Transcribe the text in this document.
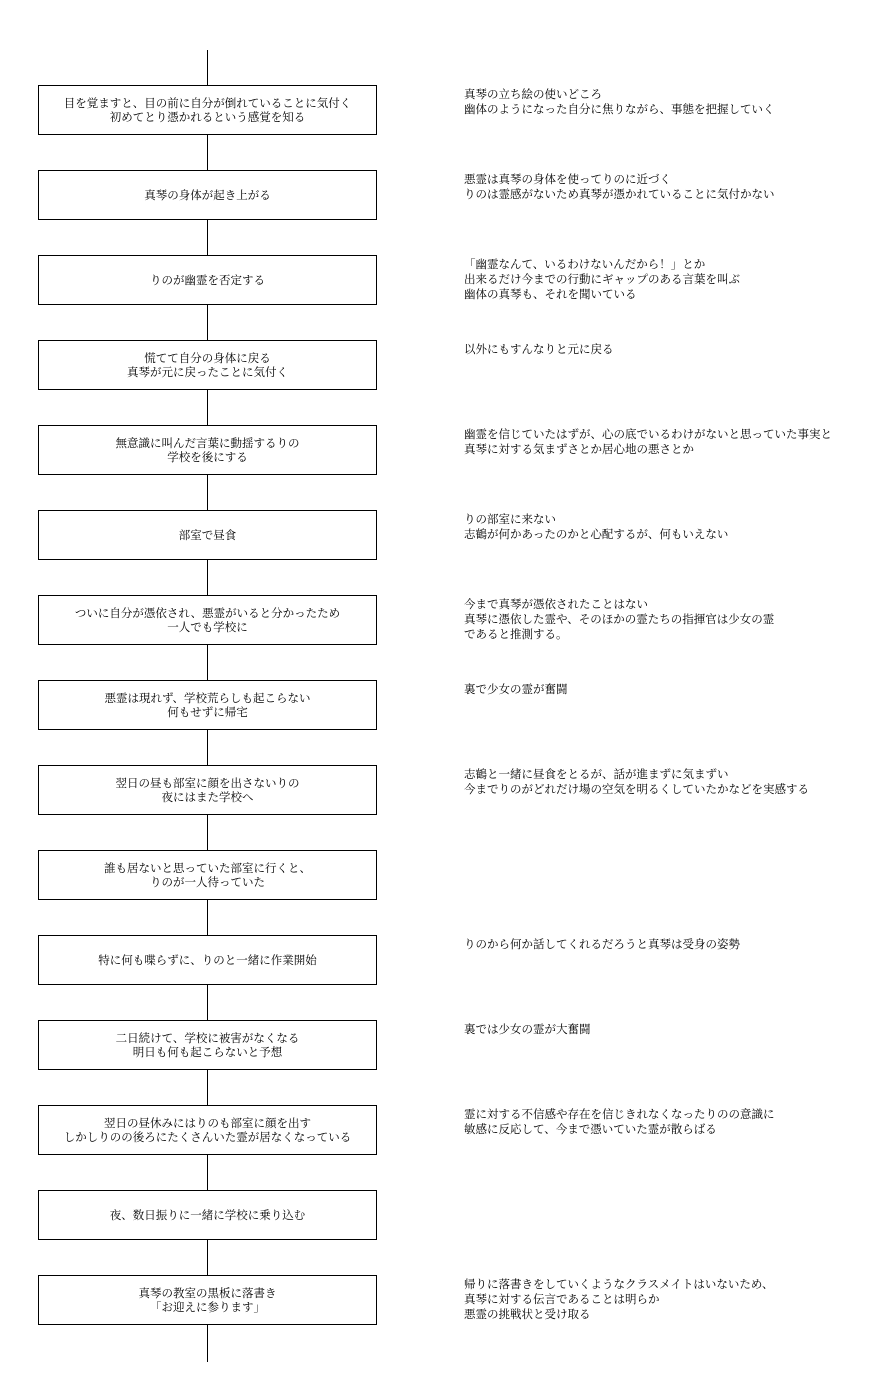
目を覚ますと、目の前に自分が倒れていることに気付く
初めてとり憑かれるという感覚を知る
真琴の立ち絵の使いどころ
幽体のようになった自分に焦りながら、事態を把握していく
真琴の身体が起き上がる
悪霊は真琴の身体を使ってりのに近づく
りのは霊感がないため真琴が憑かれていることに気付かない
りのが幽霊を否定する
「幽霊なんて、いるわけないんだから！」とか
出来るだけ今までの行動にギャップのある言葉を叫ぶ
幽体の真琴も、それを聞いている
慌てて自分の身体に戻る
真琴が元に戻ったことに気付く
以外にもすんなりと元に戻る
無意識に叫んだ言葉に動揺するりの
学校を後にする
幽霊を信じていたはずが、心の底でいるわけがないと思っていた事実と
真琴に対する気まずさとか居心地の悪さとか
部室で昼食
りの部室に来ない
志鶴が何かあったのかと心配するが、何もいえない
ついに自分が憑依され、悪霊がいると分かったため
一人でも学校に
今まで真琴が憑依されたことはない
真琴に憑依した霊や、そのほかの霊たちの指揮官は少女の霊
であると推測する。
悪霊は現れず、学校荒らしも起こらない
何もせずに帰宅
裏で少女の霊が奮闘
翌日の昼も部室に顔を出さないりの
夜にはまた学校へ
志鶴と一緒に昼食をとるが、話が進まずに気まずい
今までりのがどれだけ場の空気を明るくしていたかなどを実感する
誰も居ないと思っていた部室に行くと、
りのが一人待っていた
特に何も喋らずに、りのと一緒に作業開始
りのから何か話してくれるだろうと真琴は受身の姿勢
二日続けて、学校に被害がなくなる
明日も何も起こらないと予想
裏では少女の霊が大奮闘
翌日の昼休みにはりのも部室に顔を出す
しかしりのの後ろにたくさんいた霊が居なくなっている
霊に対する不信感や存在を信じきれなくなったりのの意識に
敏感に反応して、今まで憑いていた霊が散らばる
夜、数日振りに一緒に学校に乗り込む
真琴の教室の黒板に落書き
「お迎えに参ります」
帰りに落書きをしていくようなクラスメイトはいないため、
真琴に対する伝言であることは明らか
悪霊の挑戦状と受け取る
